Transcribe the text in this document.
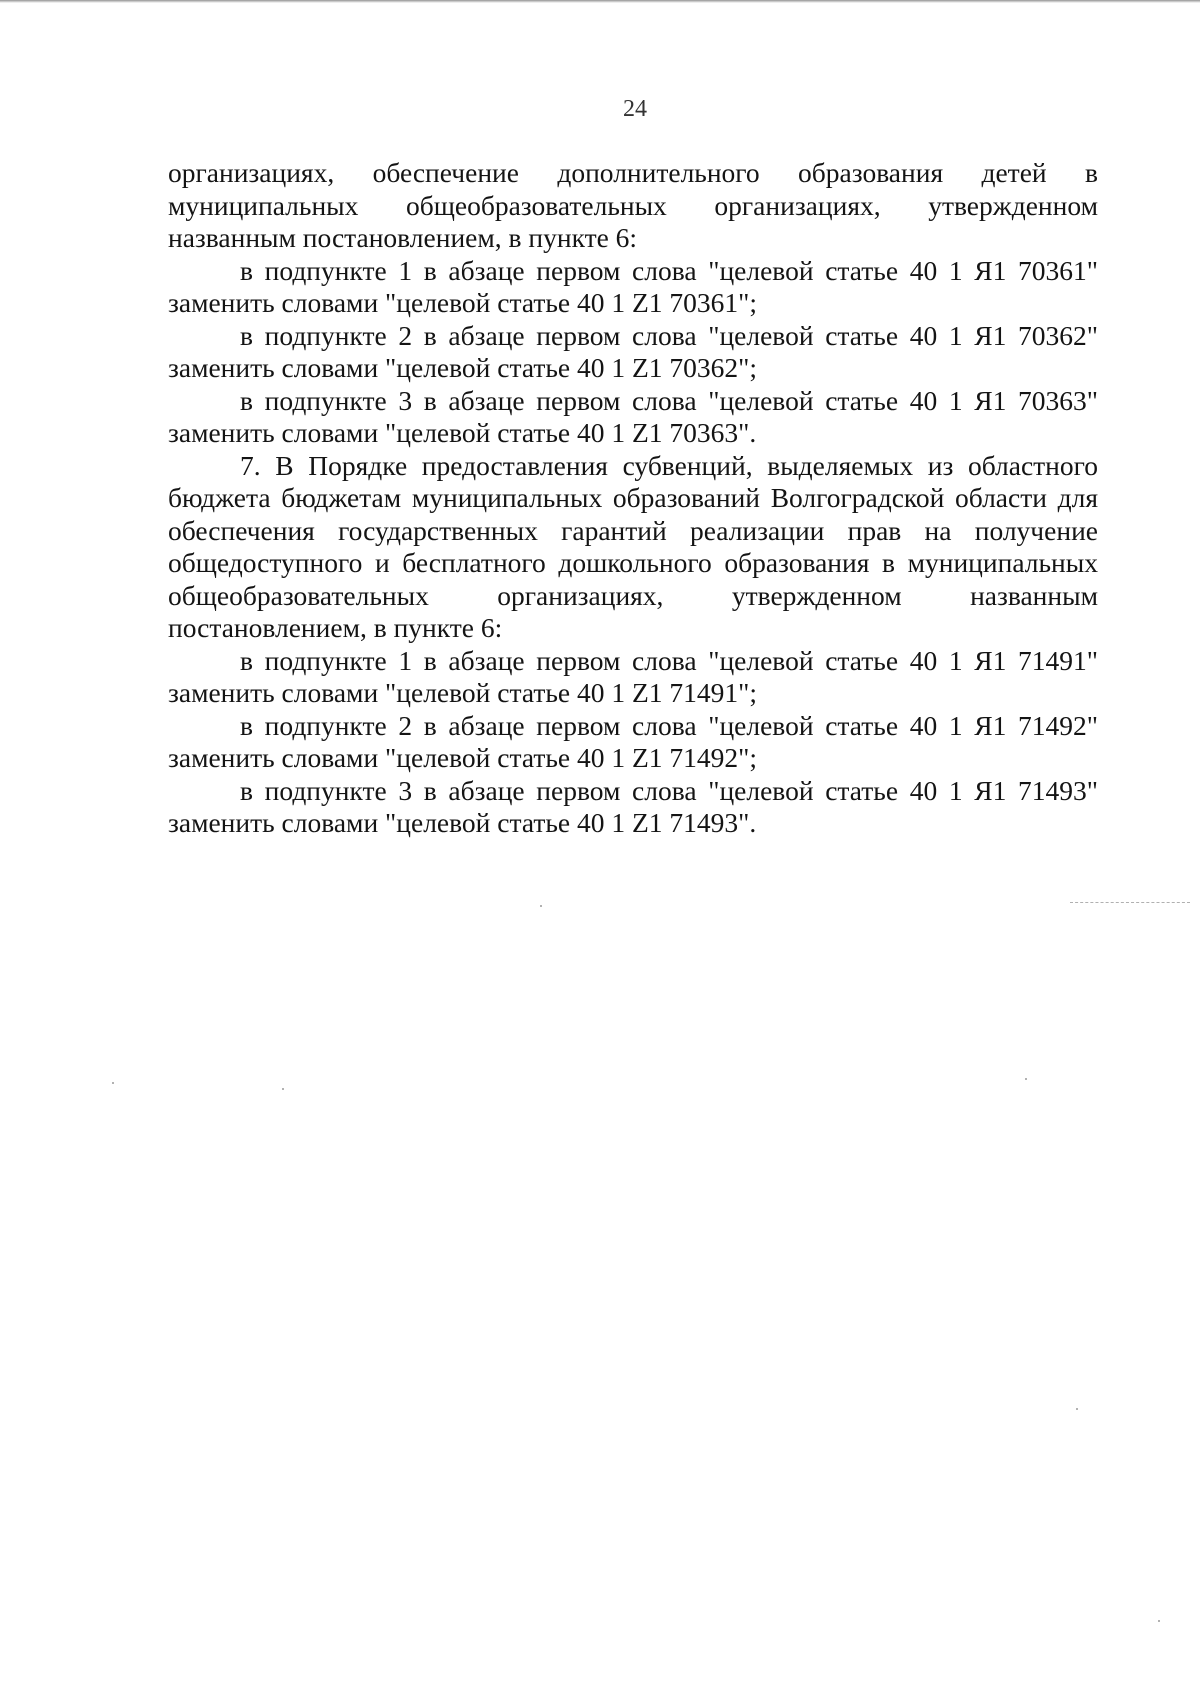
24

организациях, обеспечение дополнительного образования детей в муниципальных общеобразовательных организациях, утвержденном названным постановлением, в пункте 6:

в подпункте 1 в абзаце первом слова "целевой статье 40 1 Я1 70361" заменить словами "целевой статье 40 1 Z1 70361";

в подпункте 2 в абзаце первом слова "целевой статье 40 1 Я1 70362" заменить словами "целевой статье 40 1 Z1 70362";

в подпункте 3 в абзаце первом слова "целевой статье 40 1 Я1 70363" заменить словами "целевой статье 40 1 Z1 70363".

7. В Порядке предоставления субвенций, выделяемых из областного бюджета бюджетам муниципальных образований Волгоградской области для обеспечения государственных гарантий реализации прав на получение общедоступного и бесплатного дошкольного образования в муниципальных общеобразовательных организациях, утвержденном названным постановлением, в пункте 6:

в подпункте 1 в абзаце первом слова "целевой статье 40 1 Я1 71491" заменить словами "целевой статье 40 1 Z1 71491";

в подпункте 2 в абзаце первом слова "целевой статье 40 1 Я1 71492" заменить словами "целевой статье 40 1 Z1 71492";

в подпункте 3 в абзаце первом слова "целевой статье 40 1 Я1 71493" заменить словами "целевой статье 40 1 Z1 71493".
